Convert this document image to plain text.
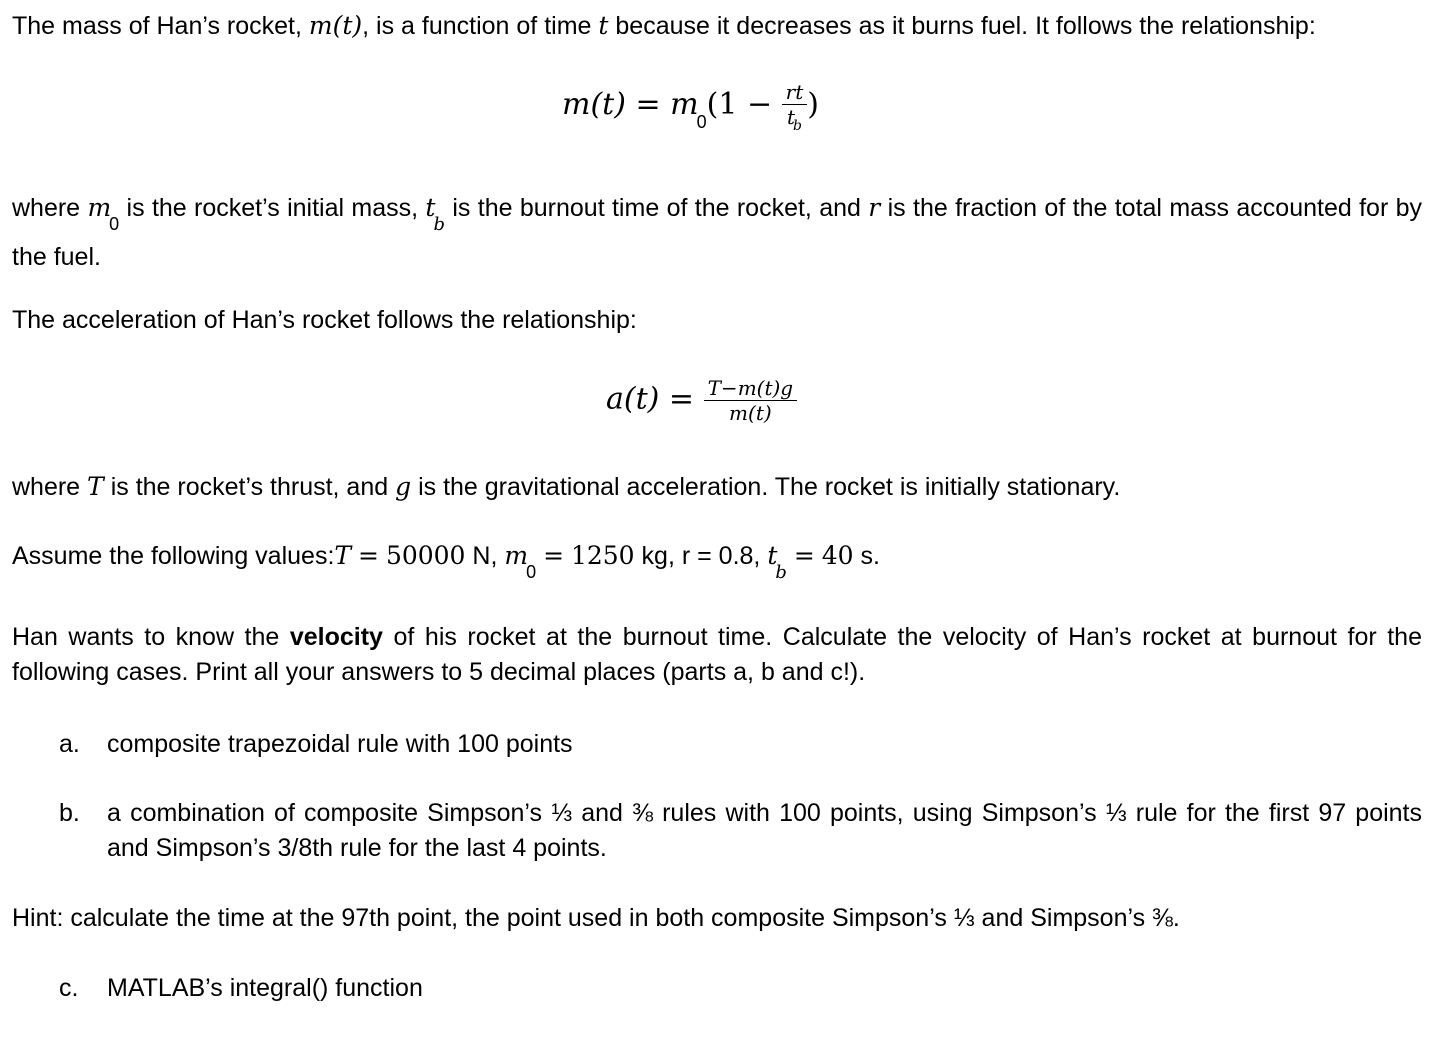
The mass of Han’s rocket, m(t), is a function of time t because it decreases as it burns fuel. It follows the relationship:
$m(t) = m_0(1 - \frac{rt}{t_b}$ )
where $m_0$ is the rocket’s initial mass, $t_b$ is the burnout time of the rocket, and r is the fraction of the total mass accounted for by the fuel.
The acceleration of Han’s rocket follows the relationship:
$a(t) = \frac{T-m(t)g}{m(t)}$
where T is the rocket’s thrust, and g is the gravitational acceleration. The rocket is initially stationary.
Assume the following values:T = 50000 N, $m_0 = 1250$ kg, r = 0.8, $t_b = 40$ s.
Han wants to know the velocity of his rocket at the burnout time. Calculate the velocity of Han’s rocket at burnout for the following cases. Print all your answers to 5 decimal places (parts a, b and c!).
a.	composite trapezoidal rule with 100 points
b.	a combination of composite Simpson’s ⅓ and ⅜ rules with 100 points, using Simpson’s ⅓ rule for the first 97 points and Simpson’s 3/8th rule for the last 4 points.
Hint: calculate the time at the 97th point, the point used in both composite Simpson’s ⅓ and Simpson’s ⅜.
c.	MATLAB’s integral() function
